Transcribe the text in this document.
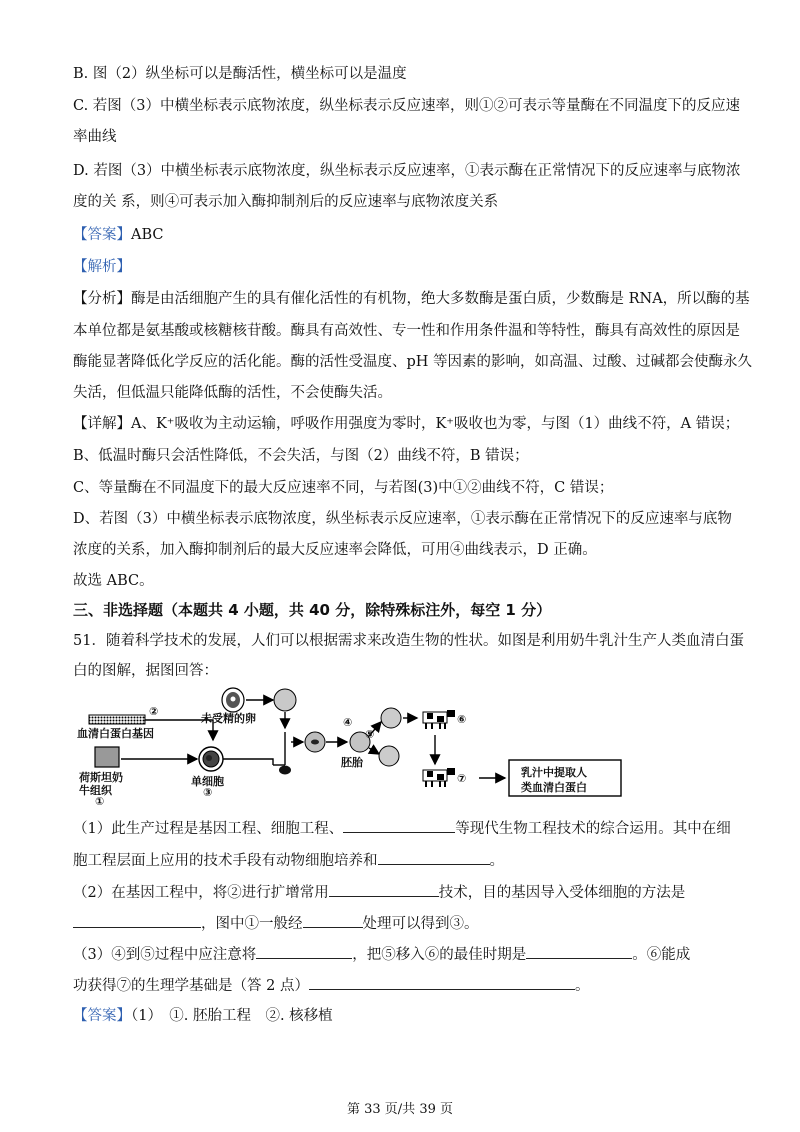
B. 图（2）纵坐标可以是酶活性，横坐标可以是温度
C. 若图（3）中横坐标表示底物浓度，纵坐标表示反应速率，则①②可表示等量酶在不同温度下的反应速
率曲线
D. 若图（3）中横坐标表示底物浓度，纵坐标表示反应速率，①表示酶在正常情况下的反应速率与底物浓
度的关 系，则④可表示加入酶抑制剂后的反应速率与底物浓度关系
【答案】ABC
【解析】
【分析】酶是由活细胞产生的具有催化活性的有机物，绝大多数酶是蛋白质，少数酶是 RNA，所以酶的基
本单位都是氨基酸或核糖核苷酸。酶具有高效性、专一性和作用条件温和等特性，酶具有高效性的原因是
酶能显著降低化学反应的活化能。酶的活性受温度、pH 等因素的影响，如高温、过酸、过碱都会使酶永久
失活，但低温只能降低酶的活性，不会使酶失活。
【详解】A、K⁺吸收为主动运输，呼吸作用强度为零时，K⁺吸收也为零，与图（1）曲线不符，A 错误；
B、低温时酶只会活性降低，不会失活，与图（2）曲线不符，B 错误；
C、等量酶在不同温度下的最大反应速率不同，与若图(3)中①②曲线不符，C 错误；
D、若图（3）中横坐标表示底物浓度，纵坐标表示反应速率，①表示酶在正常情况下的反应速率与底物
浓度的关系，加入酶抑制剂后的最大反应速率会降低，可用④曲线表示，D 正确。
故选 ABC。
三、非选择题（本题共 4 小题，共 40 分，除特殊标注外，每空 1 分）
51．随着科学技术的发展，人们可以根据需求来改造生物的性状。如图是利用奶牛乳汁生产人类血清白蛋
白的图解，据图回答：
②
血清白蛋白基因
未受精的卵
荷斯坦奶
牛组织
①
单细胞
③
④
⑤
胚胎
⑥
⑦	乳汁中提取人
类血清白蛋白
（1）此生产过程是基因工程、细胞工程、	等现代生物工程技术的综合运用。其中在细
胞工程层面上应用的技术手段有动物细胞培养和	。
（2）在基因工程中，将②进行扩增常用	技术，目的基因导入受体细胞的方法是
，图中①一般经	处理可以得到③。
（3）④到⑤过程中应注意将	，把⑤移入⑥的最佳时期是	。⑥能成
功获得⑦的生理学基础是（答 2 点）	。
【答案】（1）　①. 胚胎工程　②. 核移植
第 33 页/共 39 页
